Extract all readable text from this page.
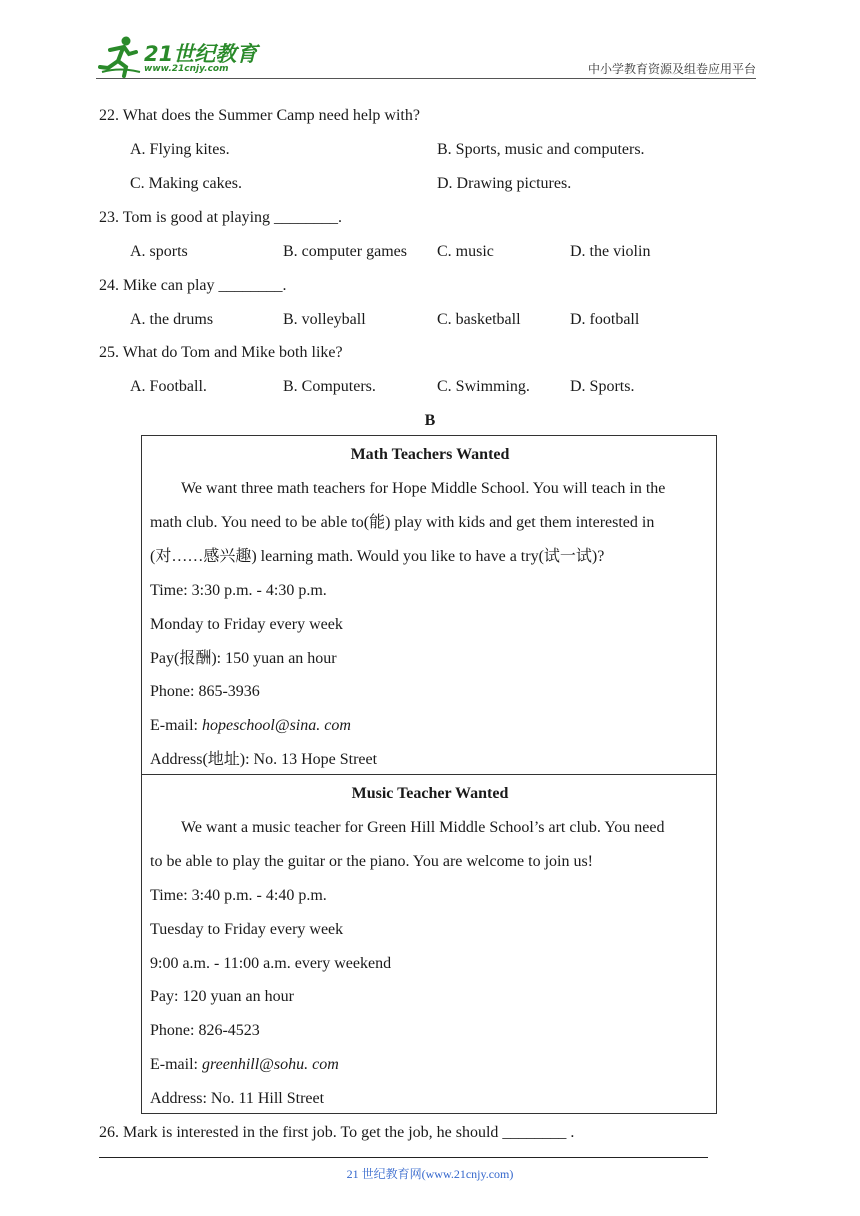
21世纪教育
www.21cnjy.com	中小学教育资源及组卷应用平台
22. What does the Summer Camp need help with?
A. Flying kites.	B. Sports, music and computers.
C. Making cakes.	D. Drawing pictures.
23. Tom is good at playing ________.
A. sports	B. computer games C. music	D. the violin
24. Mike can play ________.
A. the drums	B. volleyball	C. basketball	D. football
25. What do Tom and Mike both like?
A. Football.	B. Computers.	C. Swimming.	D. Sports.
B
Math Teachers Wanted
We want three math teachers for Hope Middle School. You will teach in the
math club. You need to be able to(能) play with kids and get them interested in
(对……感兴趣) learning math. Would you like to have a try(试一试)?
Time: 3:30 p.m. - 4:30 p.m.
Monday to Friday every week
Pay(报酬): 150 yuan an hour
Phone: 865-3936
E-mail: hopeschool@sina. com
Address(地址): No. 13 Hope Street
Music Teacher Wanted
We want a music teacher for Green Hill Middle School’s art club. You need
to be able to play the guitar or the piano. You are welcome to join us!
Time: 3:40 p.m. - 4:40 p.m.
Tuesday to Friday every week
9:00 a.m. - 11:00 a.m. every weekend
Pay: 120 yuan an hour
Phone: 826-4523
E-mail: greenhill@sohu. com
Address: No. 11 Hill Street
26. Mark is interested in the first job. To get the job, he should ________ .
21 世纪教育网(www.21cnjy.com)
